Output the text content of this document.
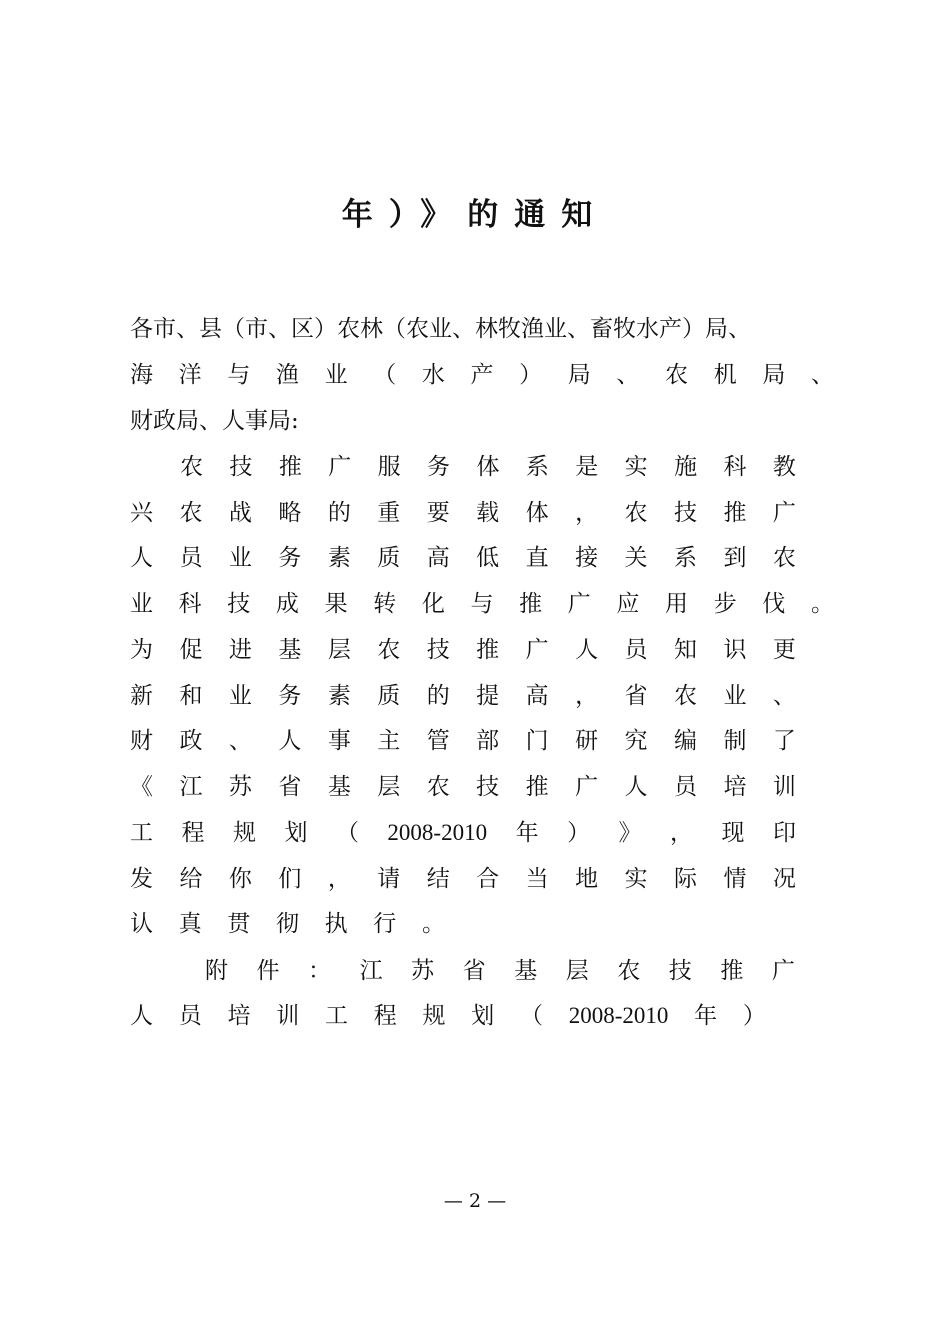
年）》的通知
各市、县（市、区）农林（农业、林牧渔业、畜牧水产）局、
海 洋 与 渔 业 （ 水 产 ） 局 、 农 机 局 、
财政局、人事局:
农 技 推 广 服 务 体 系 是 实 施 科 教
兴 农 战 略 的 重 要 载 体 ， 农 技 推 广
人 员 业 务 素 质 高 低 直 接 关 系 到 农
业 科 技 成 果 转 化 与 推 广 应 用 步 伐 。
为 促 进 基 层 农 技 推 广 人 员 知 识 更
新 和 业 务 素 质 的 提 高 ， 省 农 业 、
财 政 、 人 事 主 管 部 门 研 究 编 制 了
《 江 苏 省 基 层 农 技 推 广 人 员 培 训
工 程 规 划 （ 2008-2010 年 ） 》 ， 现 印
发 给 你 们 ， 请 结 合 当 地 实 际 情 况
认 真 贯 彻 执 行 。
附 件 ： 江 苏 省 基 层 农 技 推 广
人 员 培 训 工 程 规 划 （ 2008-2010 年 ）
— 2 —
